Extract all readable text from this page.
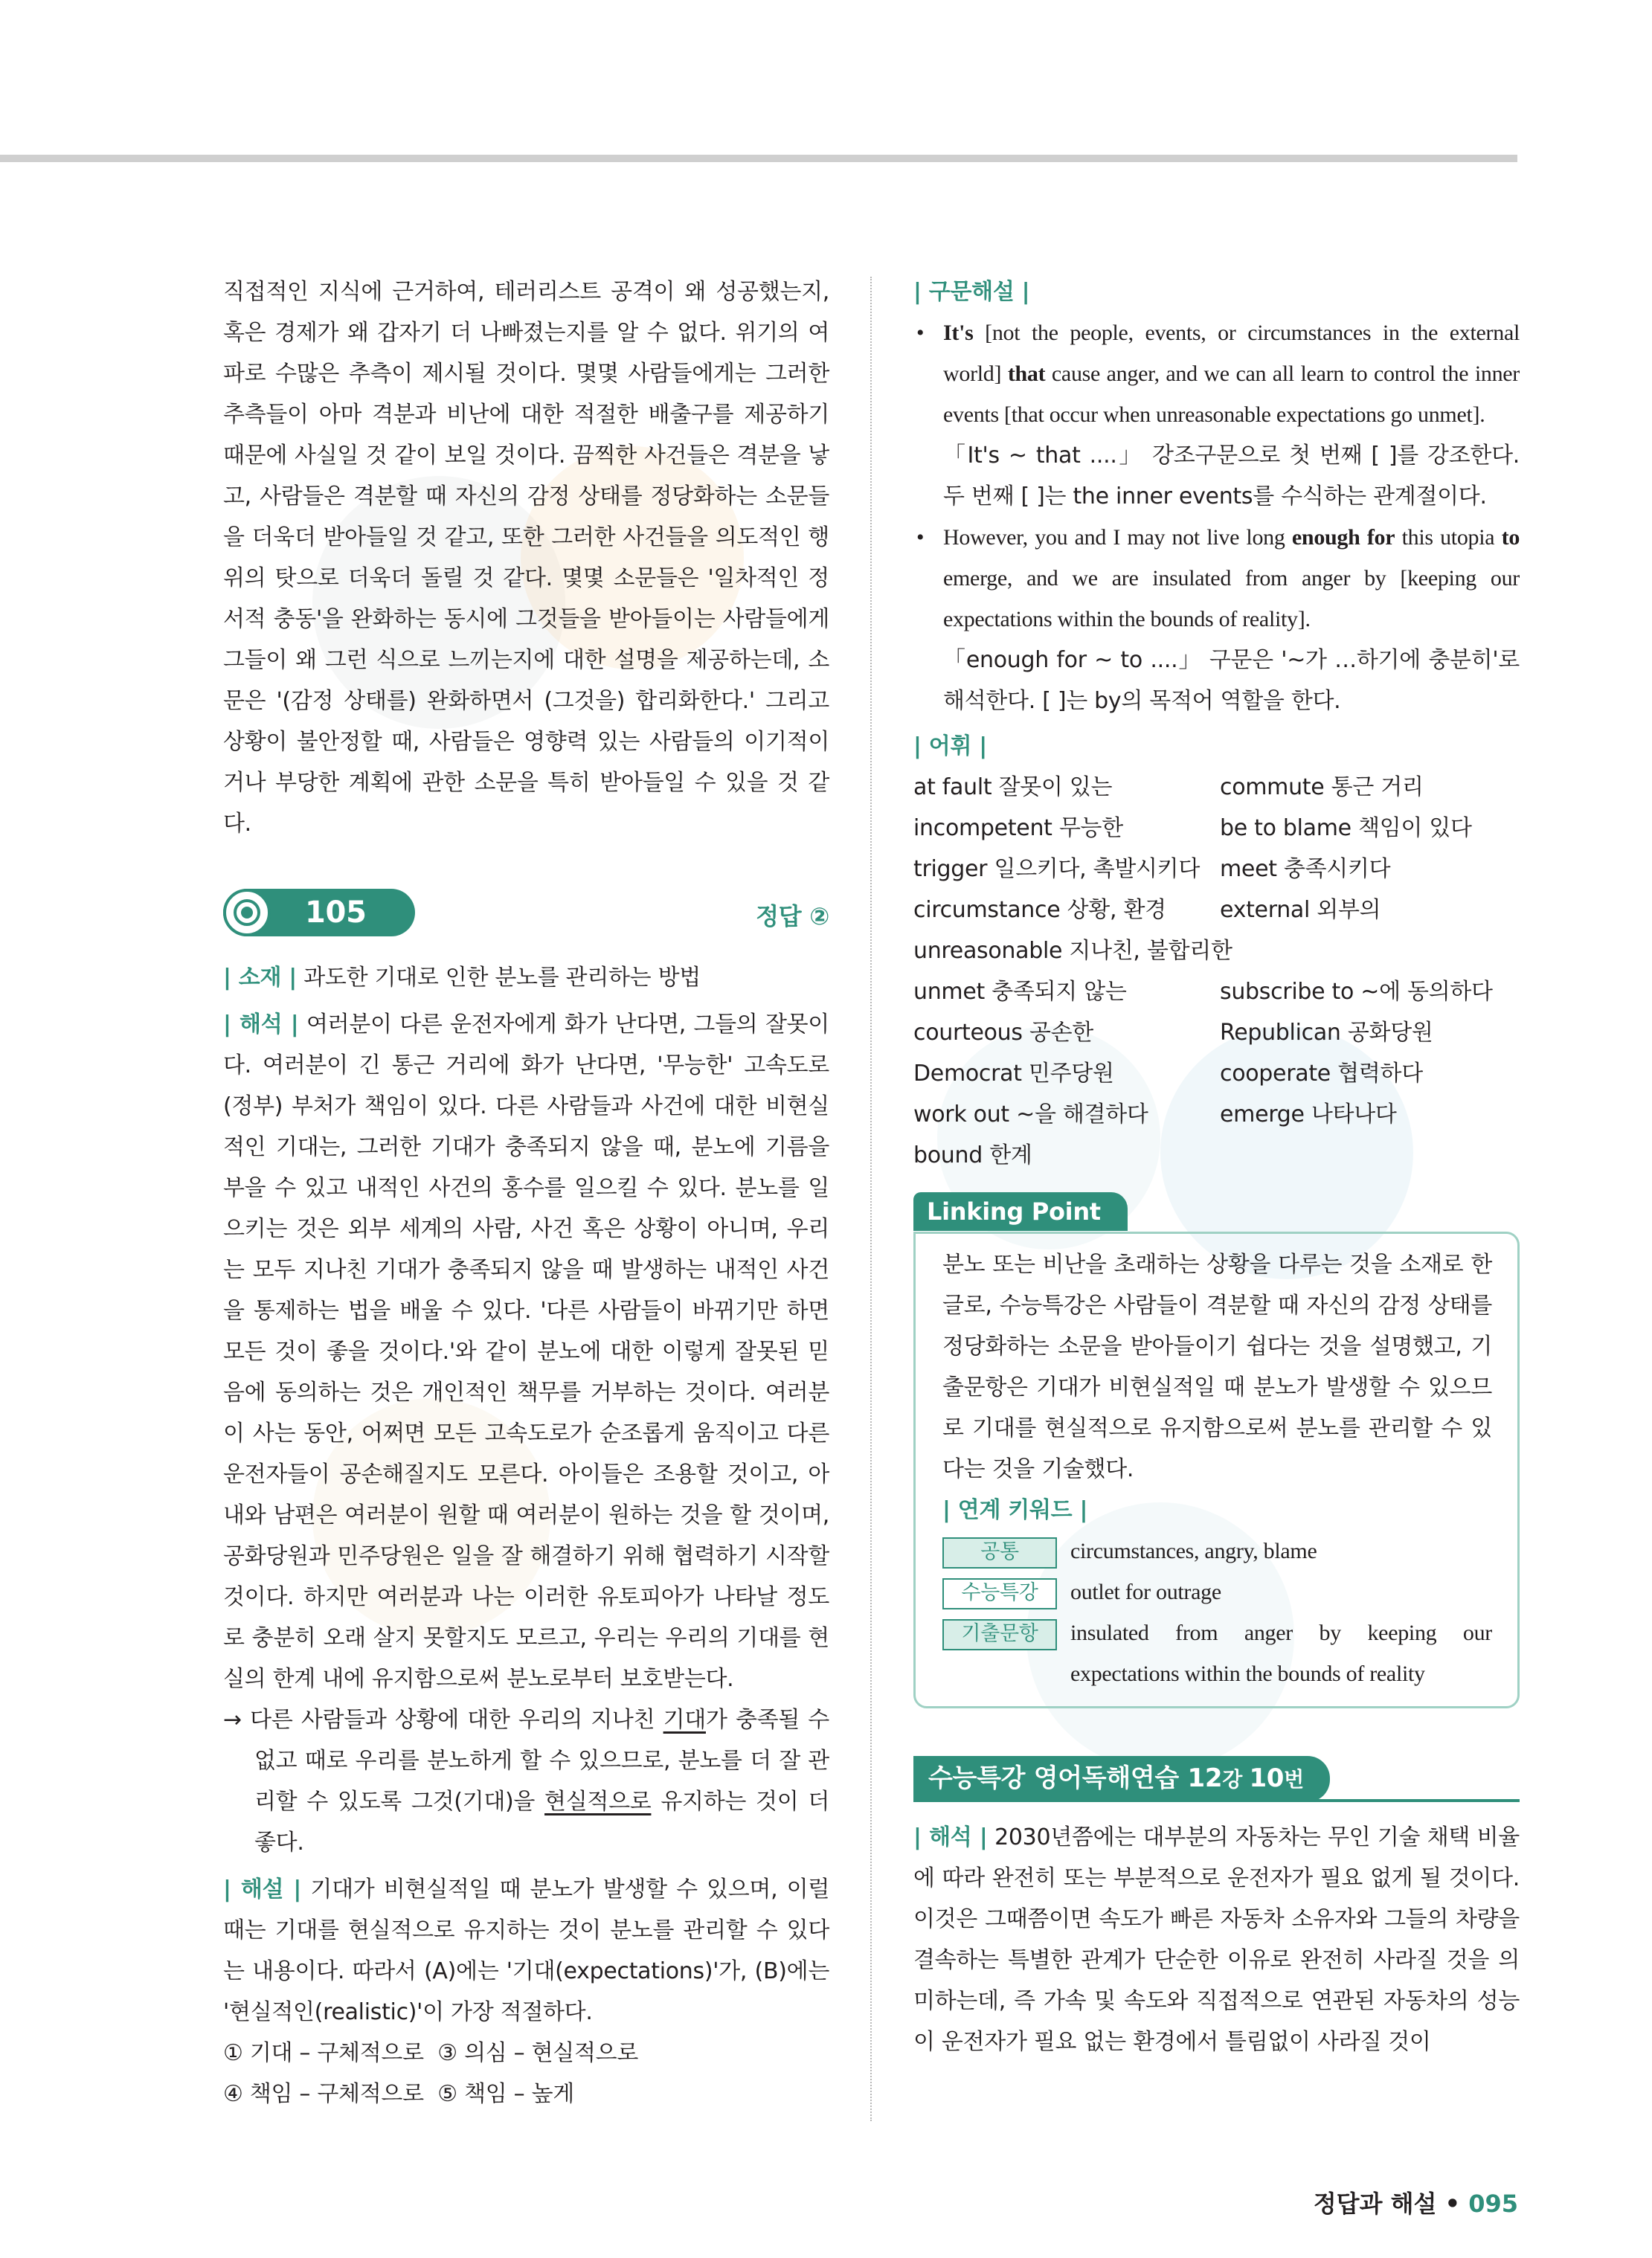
직접적인 지식에 근거하여, 테러리스트 공격이 왜 성공했는지, 혹은 경제가 왜 갑자기 더 나빠졌는지를 알 수 없다. 위기의 여파로 수많은 추측이 제시될 것이다. 몇몇 사람들에게는 그러한 추측들이 아마 격분과 비난에 대한 적절한 배출구를 제공하기 때문에 사실일 것 같이 보일 것이다. 끔찍한 사건들은 격분을 낳고, 사람들은 격분할 때 자신의 감정 상태를 정당화하는 소문들을 더욱더 받아들일 것 같고, 또한 그러한 사건들을 의도적인 행위의 탓으로 더욱더 돌릴 것 같다. 몇몇 소문들은 '일차적인 정서적 충동'을 완화하는 동시에 그것들을 받아들이는 사람들에게 그들이 왜 그런 식으로 느끼는지에 대한 설명을 제공하는데, 소문은 '(감정 상태를) 완화하면서 (그것을) 합리화한다.' 그리고 상황이 불안정할 때, 사람들은 영향력 있는 사람들의 이기적이거나 부당한 계획에 관한 소문을 특히 받아들일 수 있을 것 같다.

105	정답 ②

| 소재 | 과도한 기대로 인한 분노를 관리하는 방법

| 해석 | 여러분이 다른 운전자에게 화가 난다면, 그들의 잘못이다. 여러분이 긴 통근 거리에 화가 난다면, '무능한' 고속도로 (정부) 부처가 책임이 있다. 다른 사람들과 사건에 대한 비현실적인 기대는, 그러한 기대가 충족되지 않을 때, 분노에 기름을 부을 수 있고 내적인 사건의 홍수를 일으킬 수 있다. 분노를 일으키는 것은 외부 세계의 사람, 사건 혹은 상황이 아니며, 우리는 모두 지나친 기대가 충족되지 않을 때 발생하는 내적인 사건을 통제하는 법을 배울 수 있다. '다른 사람들이 바뀌기만 하면 모든 것이 좋을 것이다.'와 같이 분노에 대한 이렇게 잘못된 믿음에 동의하는 것은 개인적인 책무를 거부하는 것이다. 여러분이 사는 동안, 어쩌면 모든 고속도로가 순조롭게 움직이고 다른 운전자들이 공손해질지도 모른다. 아이들은 조용할 것이고, 아내와 남편은 여러분이 원할 때 여러분이 원하는 것을 할 것이며, 공화당원과 민주당원은 일을 잘 해결하기 위해 협력하기 시작할 것이다. 하지만 여러분과 나는 이러한 유토피아가 나타날 정도로 충분히 오래 살지 못할지도 모르고, 우리는 우리의 기대를 현실의 한계 내에 유지함으로써 분노로부터 보호받는다.

→ 다른 사람들과 상황에 대한 우리의 지나친 기대가 충족될 수 없고 때로 우리를 분노하게 할 수 있으므로, 분노를 더 잘 관리할 수 있도록 그것(기대)을 현실적으로 유지하는 것이 더 좋다.

| 해설 | 기대가 비현실적일 때 분노가 발생할 수 있으며, 이럴 때는 기대를 현실적으로 유지하는 것이 분노를 관리할 수 있다는 내용이다. 따라서 (A)에는 '기대(expectations)'가, (B)에는 '현실적인(realistic)'이 가장 적절하다.

① 기대 – 구체적으로  ③ 의심 – 현실적으로

④ 책임 – 구체적으로  ⑤ 책임 – 높게

| 구문해설 |

• It's [not the people, events, or circumstances in the external world] that cause anger, and we can all learn to control the inner events [that occur when unreasonable expectations go unmet].
「It's ~ that ....」 강조구문으로 첫 번째 [ ]를 강조한다. 두 번째 [ ]는 the inner events를 수식하는 관계절이다.
• However, you and I may not live long enough for this utopia to emerge, and we are insulated from anger by [keeping our expectations within the bounds of reality].
「enough for ~ to ....」 구문은 '~가 …하기에 충분히'로 해석한다. [ ]는 by의 목적어 역할을 한다.

| 어휘 |

at fault 잘못이 있는	commute 통근 거리
incompetent 무능한	be to blame 책임이 있다
trigger 일으키다, 촉발시키다 meet 충족시키다
circumstance 상황, 환경	external 외부의
unreasonable 지나친, 불합리한
unmet 충족되지 않는	subscribe to ~에 동의하다
courteous 공손한	Republican 공화당원
Democrat 민주당원	cooperate 협력하다
work out ~을 해결하다	emerge 나타나다
bound 한계
Linking Point

분노 또는 비난을 초래하는 상황을 다루는 것을 소재로 한 글로, 수능특강은 사람들이 격분할 때 자신의 감정 상태를 정당화하는 소문을 받아들이기 쉽다는 것을 설명했고, 기출문항은 기대가 비현실적일 때 분노가 발생할 수 있으므로 기대를 현실적으로 유지함으로써 분노를 관리할 수 있다는 것을 기술했다.

| 연계 키워드 |

공통	circumstances, angry, blame
수능특강	outlet for outrage
기출문항	insulated from anger by keeping our expectations within the bounds of reality
수능특강 영어독해연습 12강 10번

| 해석 | 2030년쯤에는 대부분의 자동차는 무인 기술 채택 비율에 따라 완전히 또는 부분적으로 운전자가 필요 없게 될 것이다. 이것은 그때쯤이면 속도가 빠른 자동차 소유자와 그들의 차량을 결속하는 특별한 관계가 단순한 이유로 완전히 사라질 것을 의미하는데, 즉 가속 및 속도와 직접적으로 연관된 자동차의 성능이 운전자가 필요 없는 환경에서 틀림없이 사라질 것이

정답과 해설 • 095
